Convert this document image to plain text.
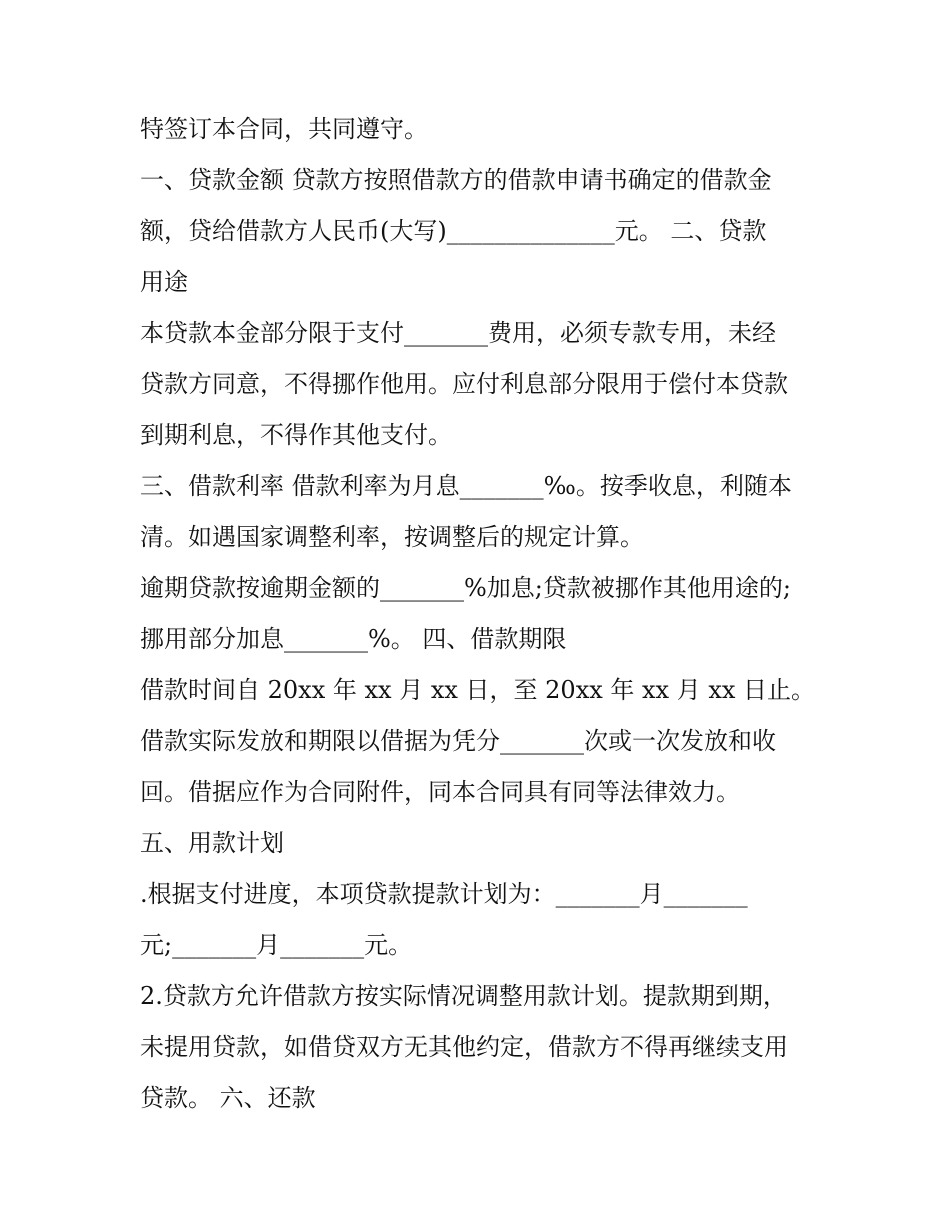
特签订本合同，共同遵守。
一、贷款金额 贷款方按照借款方的借款申请书确定的借款金
额，贷给借款方人民币(大写)______________元。 二、贷款
用途
本贷款本金部分限于支付_______费用，必须专款专用，未经
贷款方同意，不得挪作他用。应付利息部分限用于偿付本贷款
到期利息，不得作其他支付。
三、借款利率 借款利率为月息_______‰。按季收息，利随本
清。如遇国家调整利率，按调整后的规定计算。
逾期贷款按逾期金额的_______%加息;贷款被挪作其他用途的;
挪用部分加息_______%。 四、借款期限
借款时间自 20xx 年 xx 月 xx 日，至 20xx 年 xx 月 xx 日止。
借款实际发放和期限以借据为凭分_______次或一次发放和收
回。借据应作为合同附件，同本合同具有同等法律效力。
五、用款计划
.根据支付进度，本项贷款提款计划为：_______月_______
元;_______月_______元。
2.贷款方允许借款方按实际情况调整用款计划。提款期到期，
未提用贷款，如借贷双方无其他约定，借款方不得再继续支用
贷款。 六、还款
